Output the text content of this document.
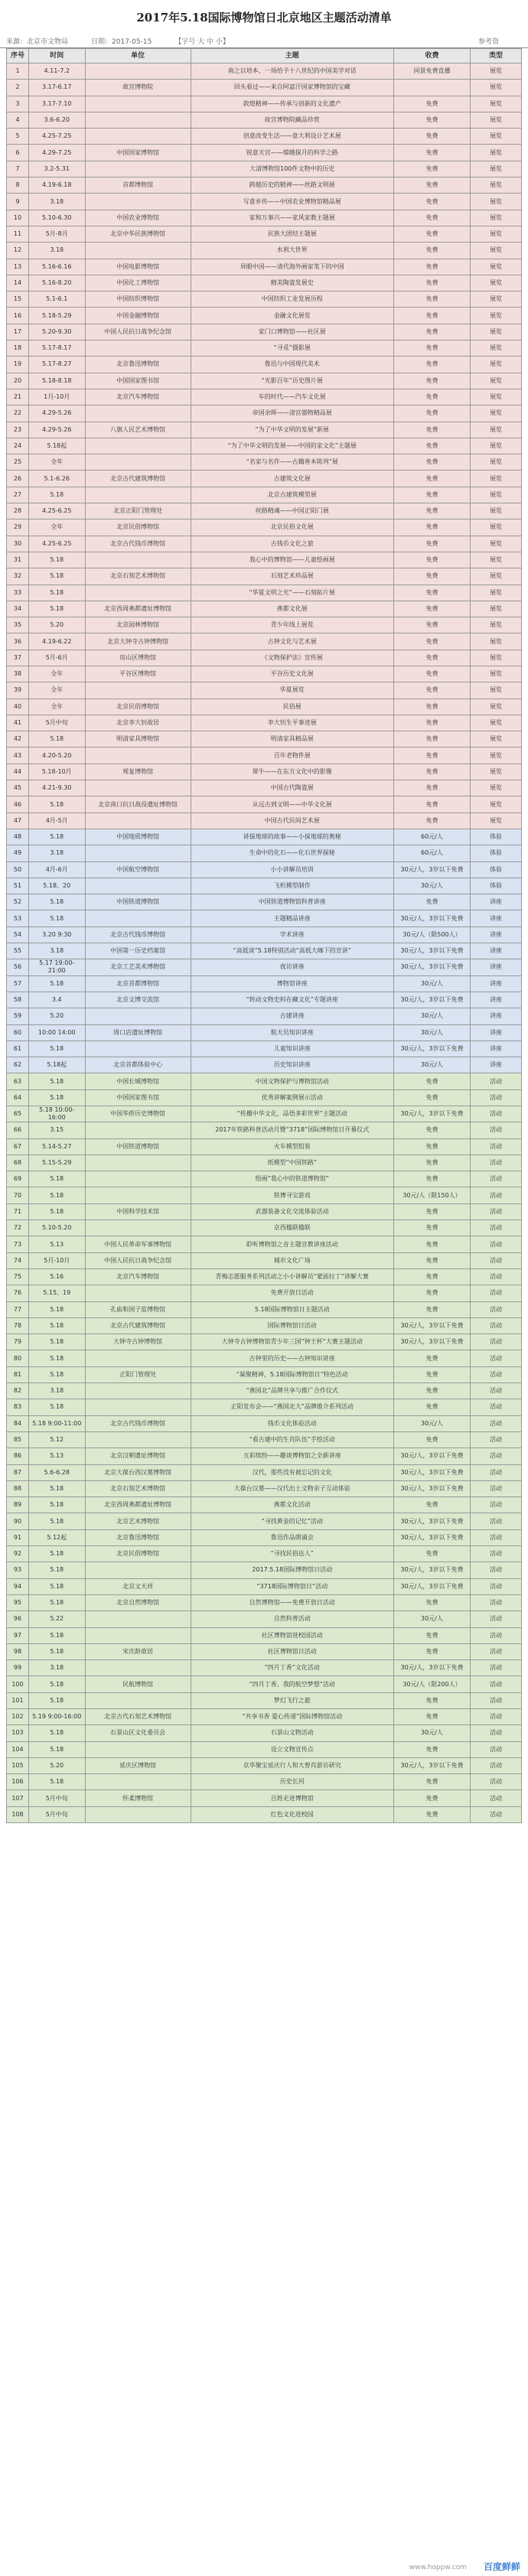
2017年5.18国际博物馆日北京地区主题活动清单
来源：北京市文物局	日期：2017-05-15	【字号 大 中 小】	参考资
序号	时间	单位	主题	收费	类型
1	4.11-7.2		南之以培本、一场给予十八世纪的中国美学对话	同景免费直播	展览
2	3.17-6.17	故宫博物院	回头看过——来自阿富汗国家博物馆的宝藏		展览
3	3.17-7.10		敦煌精神——传承与创新的文化遗产	免费	展览
4	3.6-6.20		故宫博物院藏品珍赏	免费	展览
5	4.25-7.25		创意改变生活——意大利设计艺术展	免费	展览
6	4.29-7.25	中国国家博物馆	锐意天宫——嫦娥探月的科学之路	免费	展览
7	3.2-5.31		大清博物馆100件文物中的历史	免费	展览
8	4.19-6.18	首都博物馆	跨越历史的精神——丝路文明展	免费	展览
9	3.18		写意乡传——中国农业博物馆精品展	免费	展览
10	5.10-6.30	中国农业博物馆	家和万事兴——家风家教主题展	免费	展览
11	5月-8月	北京中华民族博物馆	民族大团结主题展	免费	展览
12	3.18		水利大世界	免费	展览
13	5.16-6.16	中国电影博物馆	异眼中国——清代海外画家笔下的中国	免费	展览
14	5.16-8.20	中国化工博物馆	精美陶瓷发展史	免费	展览
15	5.1-6.1	中国纺织博物馆	中国纺织工业发展历程	免费	展览
16	5.18-5.29	中国金融博物馆	金融文化展览	免费	展览
17	5.20-9.30	中国人民抗日战争纪念馆	家门口博物馆——社区展	免费	展览
18	5.17-8.17		“寻觅”摄影展	免费	展览
19	5.17-8.27	北京鲁迅博物馆	鲁迅与中国现代美术	免费	展览
20	5.18-8.18	中国国家图书馆	“光影百年”历史图片展	免费	展览
21	1月-10月	北京汽车博物馆	车的时代——汽车文化展	免费	展览
22	4.29-5.26		帝国余晖——清宫器物精品展	免费	展览
23	4.29-5.26	八旗人民艺术博物馆	“为了中华文明的发展”新展	免费	展览
24	5.18起		“为了中华文明的发展——中国的家文化”主题展	免费	展览
25	全年		“名家与名作——古籍善本陈列”展	免费	展览
26	5.1-6.26	北京古代建筑博物馆	古建筑文化展	免费	展览
27	5.18		北京古建筑模型展	免费	展览
28	4.25-6.25	北京正阳门管理处	丝路精魂——中国正阳门展	免费	展览
29	全年	北京民俗博物馆	北京民俗文化展	免费	展览
30	4.25-6.25	北京古代钱币博物馆	古钱币文化之旅	免费	展览
31	5.18		我心中的博物馆——儿童绘画展	免费	展览
32	5.18	北京石刻艺术博物馆	石刻艺术珍品展	免费	展览
33	5.18		“华夏文明之光”——石刻拓片展	免费	展览
34	5.18	北京西周燕都遗址博物馆	燕都文化展	免费	展览
35	5.20	北京园林博物馆	青少年线上展览	免费	展览
36	4.19-6.22	北京大钟寺古钟博物馆	古钟文化与艺术展	免费	展览
37	5月-6月	房山区博物馆	《文物保护法》宣传展	免费	展览
38	全年	平谷区博物馆	平谷历史文化展	免费	展览
39	全年		华夏展览	免费	展览
40	全年	北京民俗博物馆	民俗展	免费	展览
41	5月中旬	北京李大钊故居	李大钊生平事迹展	免费	展览
42	5.18	明清家具博物馆	明清家具精品展	免费	展览
43	4.20-5.20		百年老物件展	免费	展览
44	5.18-10月	观复博物馆	犀牛——在东方文化中的影像	免费	展览
45	4.21-9.30		中国古代陶瓷展	免费	展览
46	5.18	北京南口抗日战役遗址博物馆	从远古到文明——中华文化展	免费	展览
47	4月-5月		中国古代民间艺术展	免费	展览
48	5.18	中国地质博物馆	讲探地球的故事——小探地球的奥秘	60元/人	体验
49	3.18		生命中的化石——化石世界探秘	60元/人	体验
50	4月-6月	中国航空博物馆	小小讲解员培训	30元/人，3岁以下免费	体验
51	5.18、20		飞机模型制作	30元/人	体验
52	5.18	中国铁道博物馆	中国铁道博物馆科普讲座	免费	讲座
53	5.18		主题精品讲座	30元/人，3岁以下免费	讲座
54	3.20 9:30	北京古代钱币博物馆	学术讲座	30元/人（限500人）	讲座
55	3.18	中国第一历史档案馆	“高低谈”5.18特别活动“高低大咖下的宣讲”	30元/人，3岁以下免费	讲座
56	5.17 19:00-21:00	北京工艺美术博物馆	夜访讲座	30元/人，3岁以下免费	讲座
57	5.18	北京首都博物馆	博物馆讲座	30元/人	讲座
58	3.4	北京文博交流馆	“转动文物史料在藏文化”专题讲座	30元/人，3岁以下免费	讲座
59	5.20		古建讲座	30元/人	讲座
60	10:00 14:00	周口店遗址博物馆	航天员知识讲座	30元/人	讲座
61	5.18		儿童知识讲座	30元/人，3岁以下免费	讲座
62	5.18起	北京首都体验中心	历史知识讲座	30元/人	讲座
63	5.18	中国长城博物馆	中国文物保护与博物馆活动	免费	活动
64	5.18	中国国家图书馆	优秀讲解案例展示活动	免费	活动
65	5.18 10:00-16:00	中国华侨历史博物馆	“传播中华文化，品悟多彩世界”主题活动	30元/人，3岁以下免费	活动
66	3.15		2017年铁路科普活动月暨“3718”国际博物馆日开幕仪式	免费	活动
67	5.14-5.27	中国铁道博物馆	火车模型组装	免费	活动
68	5.15-5.29		纸模型“中国铁路”	免费	活动
69	5.18		绘画“我心中的铁道博物馆”	免费	活动
70	5.18		铁博寻宝游戏	30元/人（限150人）	活动
71	5.18	中国科学技术馆	武器装备文化交流体验活动	免费	活动
72	5.10-5.20		京西楹联楹联	免费	活动
73	5.13	中国人民革命军事博物馆	聆听博物馆之音主题宣教讲座活动	免费	活动
74	5月-10月	中国人民抗日战争纪念馆	城市文化广场	免费	活动
75	5.16	北京汽车博物馆	青梅志愿服务系列活动之小小讲解员“蒙面拉丁”讲解大赛	免费	活动
76	5.15、19		免费开放日活动	免费	活动
77	5.18	孔庙和国子监博物馆	5.18国际博物馆日主题活动	免费	活动
78	5.18	北京古代建筑博物馆	国际博物馆日活动	30元/人，3岁以下免费	活动
79	5.18	大钟寺古钟博物馆	大钟寺古钟博物馆青少年三国“钟王杯”大赛主题活动	30元/人，3岁以下免费	活动
80	5.18		古钟里的历史——古钟知识讲座	免费	活动
81	5.18	正阳门管理处	“凝聚精神，5.18国际博物馆日”特色活动	免费	活动
82	3.18		“燕国北”品牌共享与推广合作仪式	免费	活动
83	5.18		正阳发布会——“燕国北大”品牌推介系列活动	免费	活动
84	5.18 9:00-11:00	北京古代钱币博物馆	钱币文化体验活动	30元/人	活动
85	5.12		“看古建中的生肖队伍”手绘活动	免费	活动
86	5.13	北京汉朝遗址博物馆	五彩缤纷——趣谈博物馆之全新讲座	30元/人，3岁以下免费	活动
87	5.6-6.28	北京大葆台西汉墓博物馆	汉代，那些没有被忘记的文化	30元/人，3岁以下免费	活动
88	5.18	北京石刻艺术博物馆	大葆台汉墓——汉代出土文物亲子互动体验	30元/人，3岁以下免费	活动
89	5.18	北京西周燕都遗址博物馆	燕都文化活动	免费	活动
90	5.18	北京艺术博物馆	“寻找黄金的记忆”活动	30元/人，3岁以下免费	活动
91	5.12起	北京鲁迅博物馆	鲁迅作品朗诵会	30元/人，3岁以下免费	活动
92	5.18	北京民俗博物馆	“寻找民俗达人”	免费	活动
93	5.18		2017.5.18国际博物馆日活动	30元/人，3岁以下免费	活动
94	5.18	北京文天祥	“3718国际博物馆日”活动	30元/人，3岁以下免费	活动
95	5.18	北京自然博物馆	自然博物馆——免费开放日活动	免费	活动
96	5.22		自然科普活动	30元/人	活动
97	5.18		社区博物馆进校园活动	免费	活动
98	5.18	宋庆龄故居	社区博物馆日活动	免费	活动
99	3.18		“四月丁香”文化活动	30元/人，3岁以下免费	活动
100	5.18	民航博物馆	“四月丁香、我的航空梦想”活动	30元/人（限200人）	活动
101	5.18		梦幻飞行之旅	免费	活动
102	5.19 9:00-16:00	北京古代石刻艺术博物馆	“共享书香 爱心传递”国际博物馆活动	免费	活动
103	5.18	石景山区文化委员会	石景山文物活动	30元/人	活动
104	5.18		设立文物宣传点	免费	活动
105	5.20	延庆区博物馆	京华聚宝延庆行人和大曾肖游访研究	30元/人，3岁以下免费	活动
106	5.18		历史长河	免费	活动
107	5月中旬	怀柔博物馆	百姓走进博物馆	免费	活动
108	5月中旬		红色文化进校园	免费	活动
www.hoppw.com 百度鲜鲜
